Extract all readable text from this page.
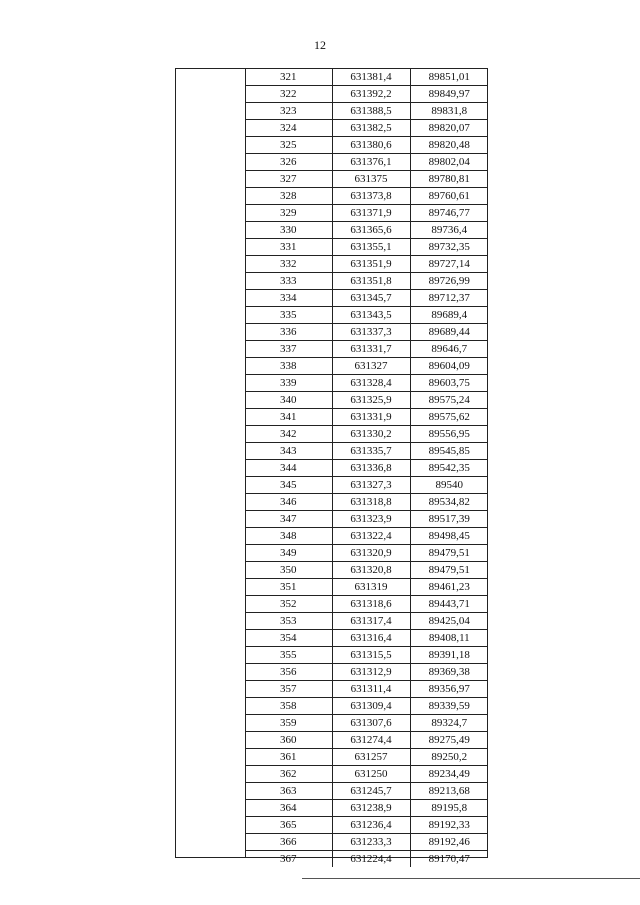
12
321	631381,4	89851,01
322	631392,2	89849,97
323	631388,5	89831,8
324	631382,5	89820,07
325	631380,6	89820,48
326	631376,1	89802,04
327	631375	89780,81
328	631373,8	89760,61
329	631371,9	89746,77
330	631365,6	89736,4
331	631355,1	89732,35
332	631351,9	89727,14
333	631351,8	89726,99
334	631345,7	89712,37
335	631343,5	89689,4
336	631337,3	89689,44
337	631331,7	89646,7
338	631327	89604,09
339	631328,4	89603,75
340	631325,9	89575,24
341	631331,9	89575,62
342	631330,2	89556,95
343	631335,7	89545,85
344	631336,8	89542,35
345	631327,3	89540
346	631318,8	89534,82
347	631323,9	89517,39
348	631322,4	89498,45
349	631320,9	89479,51
350	631320,8	89479,51
351	631319	89461,23
352	631318,6	89443,71
353	631317,4	89425,04
354	631316,4	89408,11
355	631315,5	89391,18
356	631312,9	89369,38
357	631311,4	89356,97
358	631309,4	89339,59
359	631307,6	89324,7
360	631274,4	89275,49
361	631257	89250,2
362	631250	89234,49
363	631245,7	89213,68
364	631238,9	89195,8
365	631236,4	89192,33
366	631233,3	89192,46
367	631224,4	89170,47
